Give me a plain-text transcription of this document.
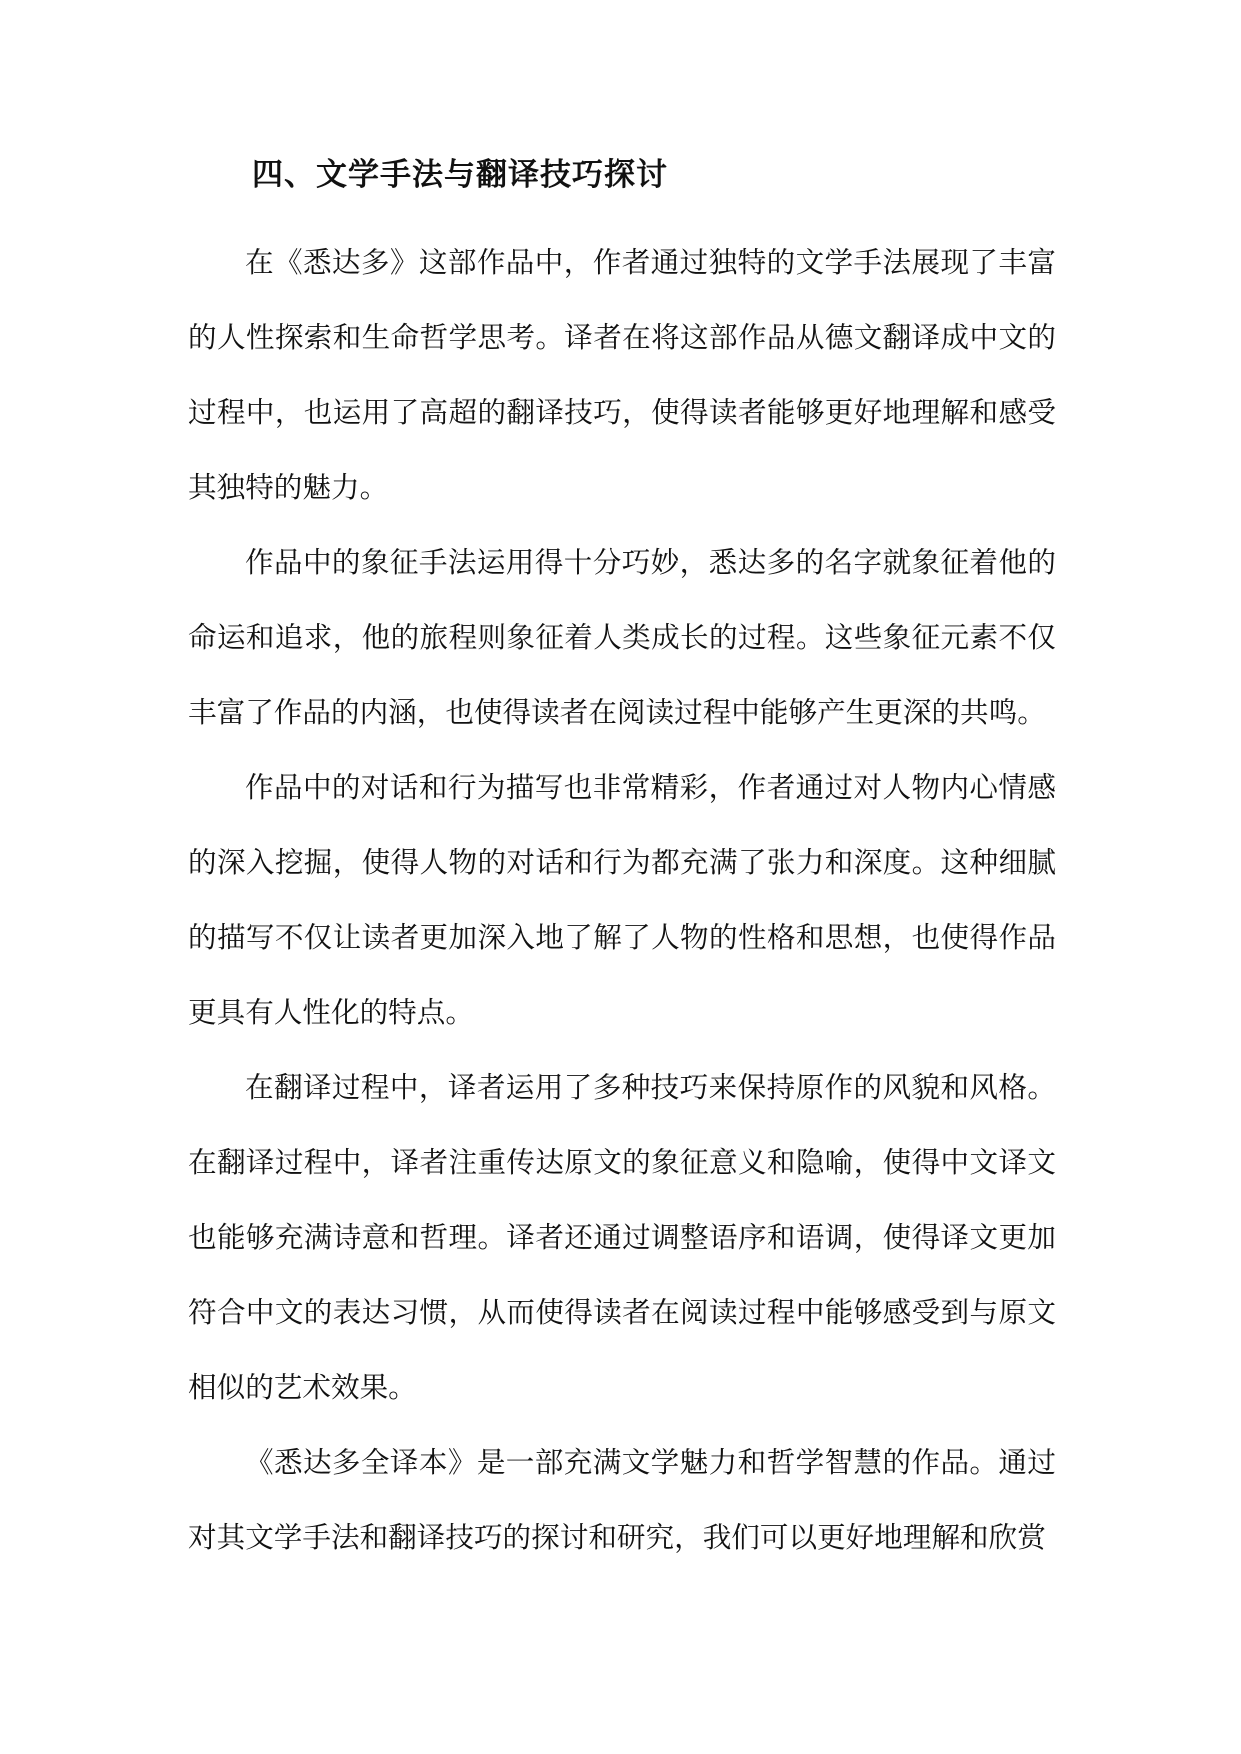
四、文学手法与翻译技巧探讨

在《悉达多》这部作品中，作者通过独特的文学手法展现了丰富的人性探索和生命哲学思考。译者在将这部作品从德文翻译成中文的过程中，也运用了高超的翻译技巧，使得读者能够更好地理解和感受其独特的魅力。

作品中的象征手法运用得十分巧妙，悉达多的名字就象征着他的命运和追求，他的旅程则象征着人类成长的过程。这些象征元素不仅丰富了作品的内涵，也使得读者在阅读过程中能够产生更深的共鸣。

作品中的对话和行为描写也非常精彩，作者通过对人物内心情感的深入挖掘，使得人物的对话和行为都充满了张力和深度。这种细腻的描写不仅让读者更加深入地了解了人物的性格和思想，也使得作品更具有人性化的特点。

在翻译过程中，译者运用了多种技巧来保持原作的风貌和风格。在翻译过程中，译者注重传达原文的象征意义和隐喻，使得中文译文也能够充满诗意和哲理。译者还通过调整语序和语调，使得译文更加符合中文的表达习惯，从而使得读者在阅读过程中能够感受到与原文相似的艺术效果。

《悉达多全译本》是一部充满文学魅力和哲学智慧的作品。通过对其文学手法和翻译技巧的探讨和研究，我们可以更好地理解和欣赏
